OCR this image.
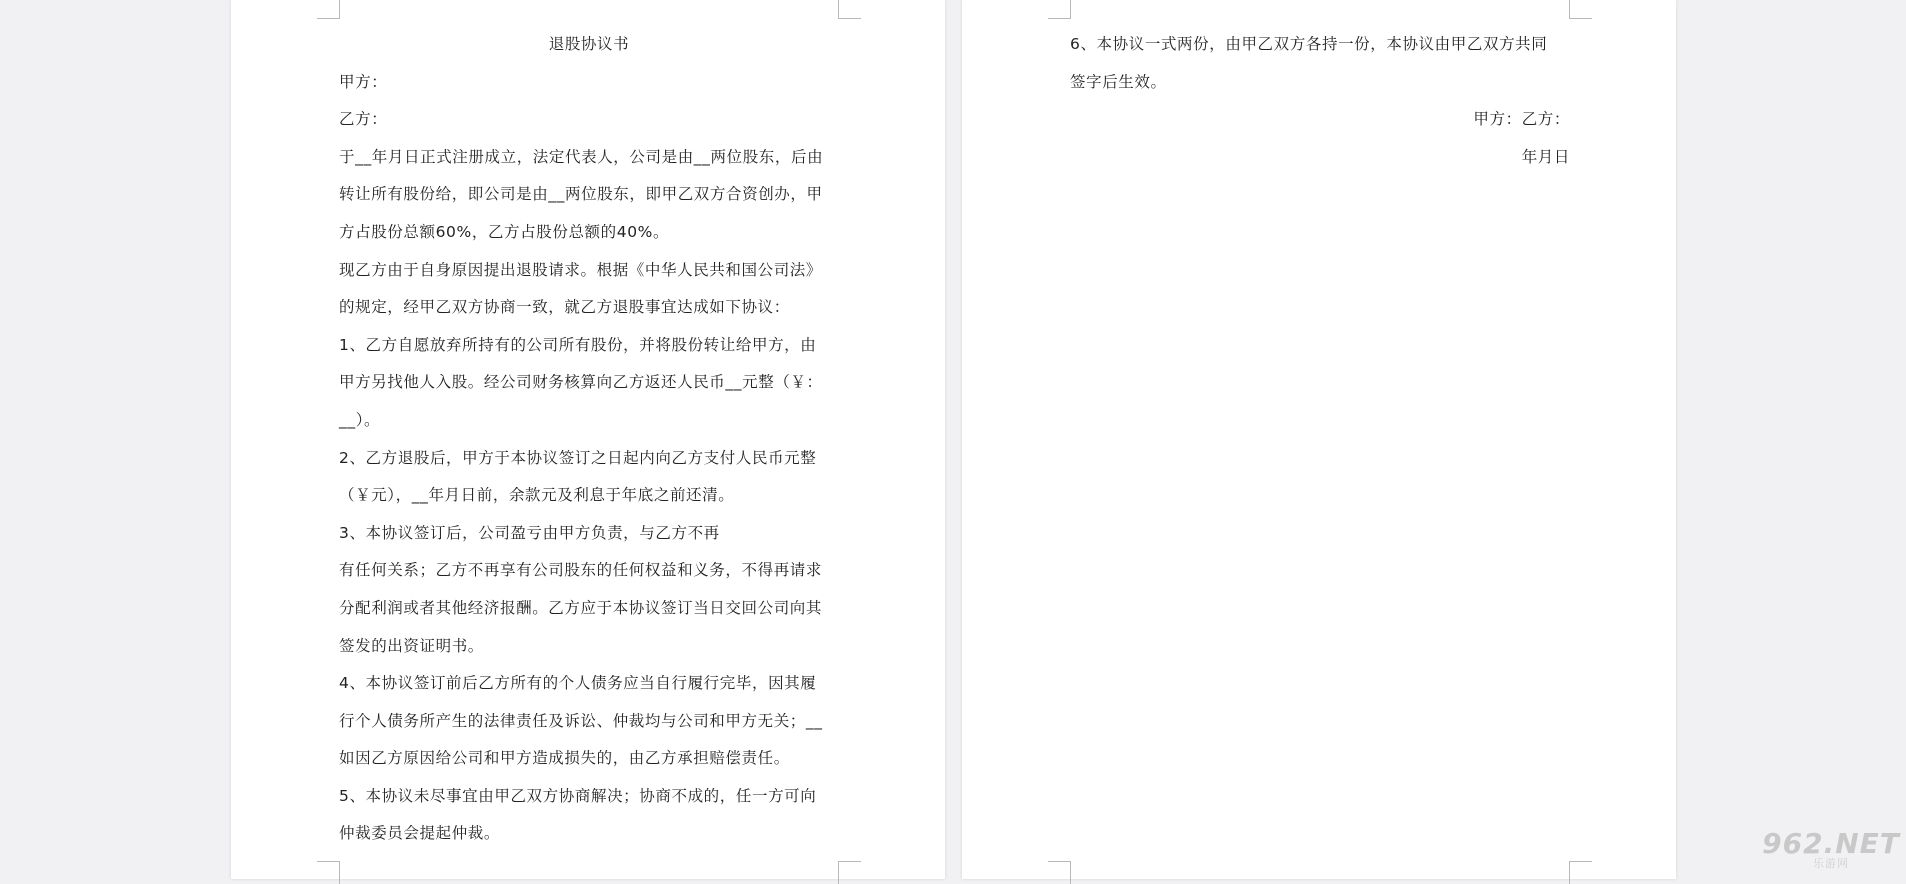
退股协议书
甲方：
乙方：
于__年月日正式注册成立，法定代表人，公司是由__两位股东，后由
转让所有股份给，即公司是由__两位股东，即甲乙双方合资创办，甲
方占股份总额60%，乙方占股份总额的40%。
现乙方由于自身原因提出退股请求。根据《中华人民共和国公司法》
的规定，经甲乙双方协商一致，就乙方退股事宜达成如下协议：
1、乙方自愿放弃所持有的公司所有股份，并将股份转让给甲方，由
甲方另找他人入股。经公司财务核算向乙方返还人民币__元整（￥：
__）。
2、乙方退股后，甲方于本协议签订之日起内向乙方支付人民币元整
（￥元），__年月日前，余款元及利息于年底之前还清。
3、本协议签订后，公司盈亏由甲方负责，与乙方不再
有任何关系；乙方不再享有公司股东的任何权益和义务，不得再请求
分配利润或者其他经济报酬。乙方应于本协议签订当日交回公司向其
签发的出资证明书。
4、本协议签订前后乙方所有的个人债务应当自行履行完毕，因其履
行个人债务所产生的法律责任及诉讼、仲裁均与公司和甲方无关；__
如因乙方原因给公司和甲方造成损失的，由乙方承担赔偿责任。
5、本协议未尽事宜由甲乙双方协商解决；协商不成的，任一方可向
仲裁委员会提起仲裁。
6、本协议一式两份，由甲乙双方各持一份，本协议由甲乙双方共同
签字后生效。
甲方：乙方：
年月日
962.NET
乐游网
